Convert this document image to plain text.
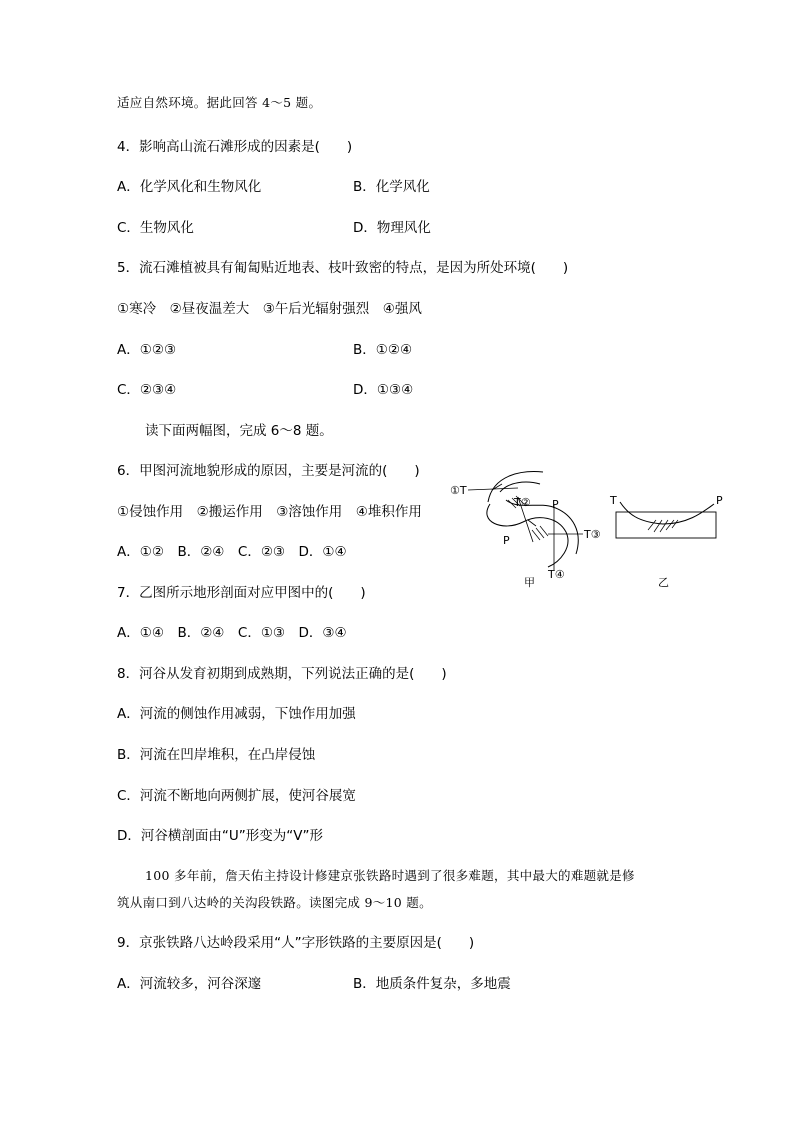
适应自然环境。据此回答 4～5 题。
4．影响高山流石滩形成的因素是(　　)
A．化学风化和生物风化	B．化学风化
C．生物风化	D．物理风化
5．流石滩植被具有匍匐贴近地表、枝叶致密的特点，是因为所处环境(　　)
①寒冷　②昼夜温差大　③午后光辐射强烈　④强风
A．①②③	B．①②④
C．②③④	D．①③④
读下面两幅图，完成 6～8 题。
6．甲图河流地貌形成的原因，主要是河流的(　　)
①侵蚀作用　②搬运作用　③溶蚀作用　④堆积作用
A．①②　B．②④　C．②③　D．①④
7．乙图所示地形剖面对应甲图中的(　　)
A．①④　B．②④　C．①③　D．③④
8．河谷从发育初期到成熟期，下列说法正确的是(　　)
A．河流的侧蚀作用减弱，下蚀作用加强
B．河流在凹岸堆积，在凸岸侵蚀
C．河流不断地向两侧扩展，使河谷展宽
D．河谷横剖面由“U”形变为“V”形
100 多年前，詹天佑主持设计修建京张铁路时遇到了很多难题，其中最大的难题就是修
筑从南口到八达岭的关沟段铁路。读图完成 9～10 题。
9．京张铁路八达岭段采用“人”字形铁路的主要原因是(　　)
A．河流较多，河谷深邃	B．地质条件复杂，多地震
①T
T②
T③
T④
P
P
甲
T	P
乙
